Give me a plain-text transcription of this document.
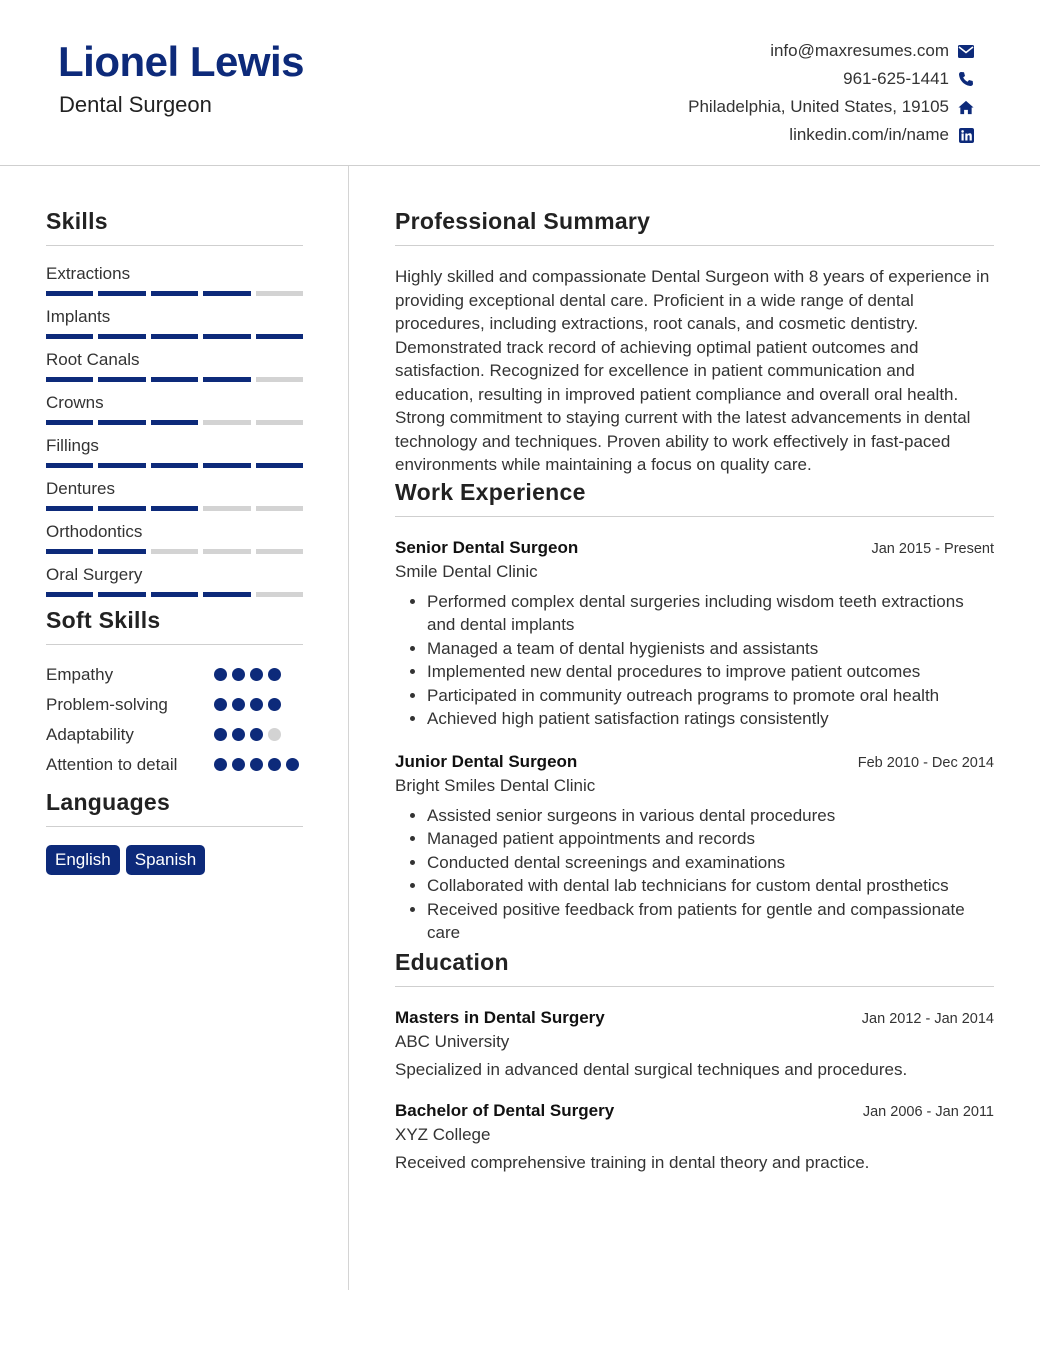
Lionel Lewis
Dental Surgeon
info@maxresumes.com
961-625-1441
Philadelphia, United States, 19105
linkedin.com/in/name
Skills
Extractions
Implants
Root Canals
Crowns
Fillings
Dentures
Orthodontics
Oral Surgery
Soft Skills
Empathy
Problem-solving
Adaptability
Attention to detail
Languages
English	Spanish
Professional Summary
Highly skilled and compassionate Dental Surgeon with 8 years of experience in providing exceptional dental care. Proficient in a wide range of dental procedures, including extractions, root canals, and cosmetic dentistry. Demonstrated track record of achieving optimal patient outcomes and satisfaction. Recognized for excellence in patient communication and education, resulting in improved patient compliance and overall oral health. Strong commitment to staying current with the latest advancements in dental technology and techniques. Proven ability to work effectively in fast-paced environments while maintaining a focus on quality care.
Work Experience
Senior Dental Surgeon	Jan 2015 - Present
Smile Dental Clinic
• Performed complex dental surgeries including wisdom teeth extractions and dental implants
• Managed a team of dental hygienists and assistants
• Implemented new dental procedures to improve patient outcomes
• Participated in community outreach programs to promote oral health
• Achieved high patient satisfaction ratings consistently
Junior Dental Surgeon	Feb 2010 - Dec 2014
Bright Smiles Dental Clinic
• Assisted senior surgeons in various dental procedures
• Managed patient appointments and records
• Conducted dental screenings and examinations
• Collaborated with dental lab technicians for custom dental prosthetics
• Received positive feedback from patients for gentle and compassionate care
Education
Masters in Dental Surgery	Jan 2012 - Jan 2014
ABC University
Specialized in advanced dental surgical techniques and procedures.
Bachelor of Dental Surgery	Jan 2006 - Jan 2011
XYZ College
Received comprehensive training in dental theory and practice.
